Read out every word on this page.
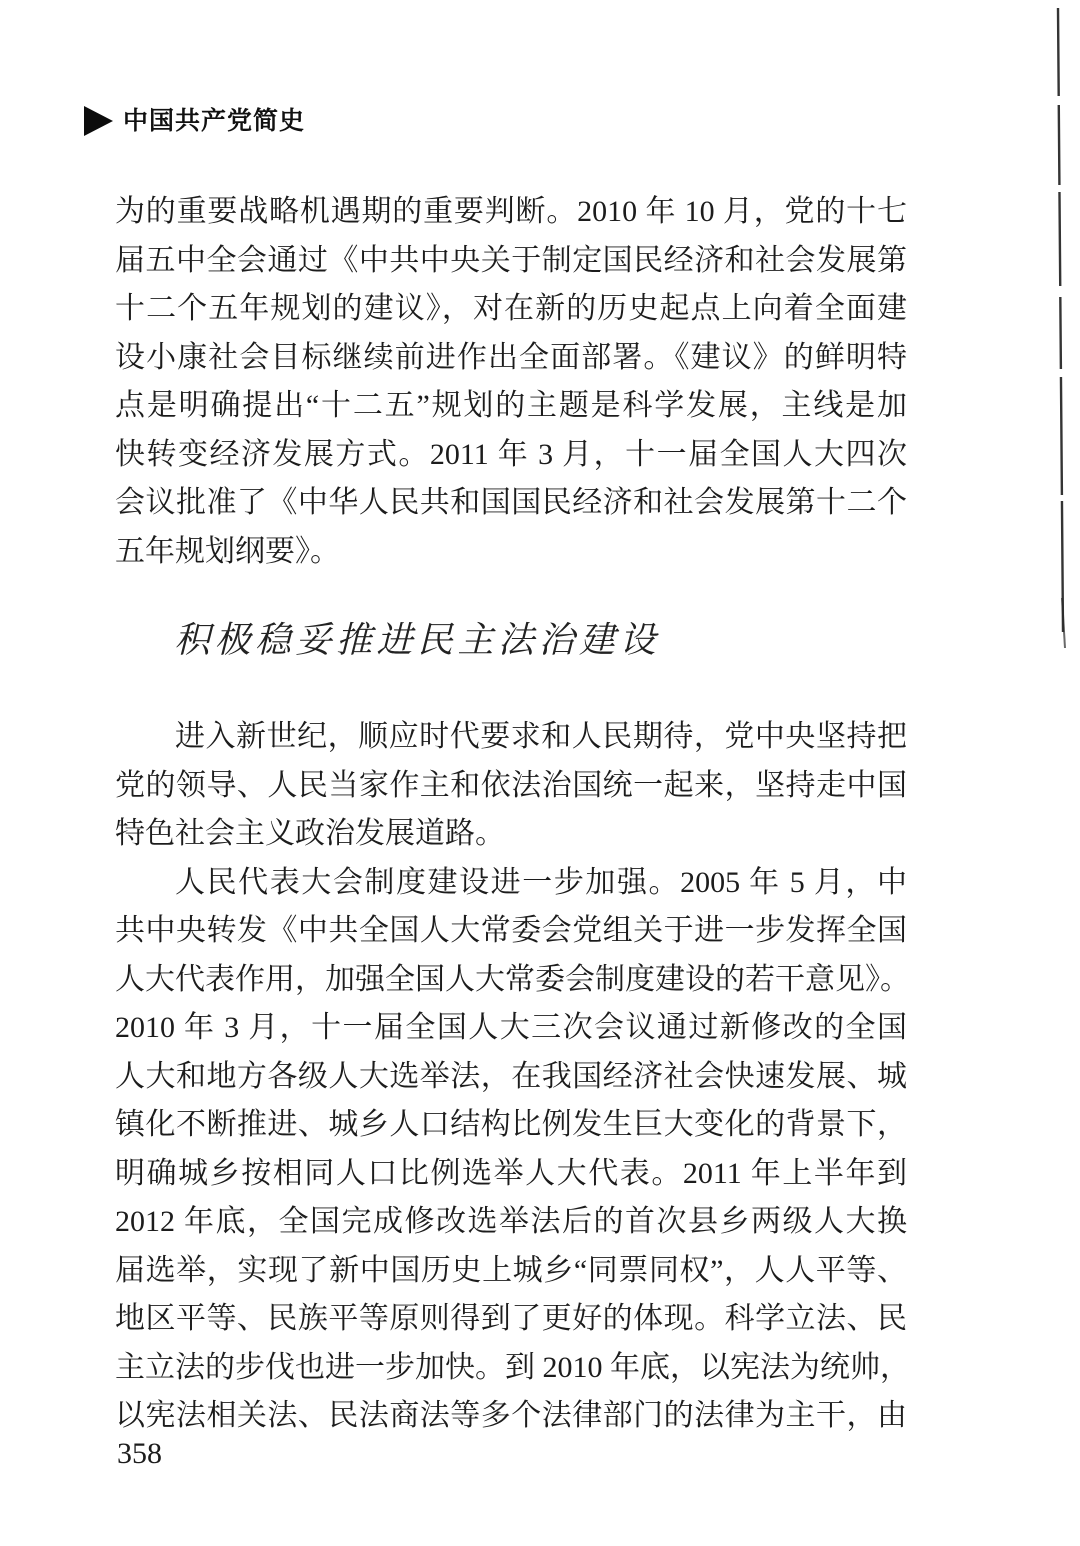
中国共产党简史
为的重要战略机遇期的重要判断。2010 年 10 月，党的十七
届五中全会通过《中共中央关于制定国民经济和社会发展第
十二个五年规划的建议》，对在新的历史起点上向着全面建
设小康社会目标继续前进作出全面部署。《建议》的鲜明特
点是明确提出“十二五”规划的主题是科学发展，主线是加
快转变经济发展方式。2011 年 3 月，十一届全国人大四次
会议批准了《中华人民共和国国民经济和社会发展第十二个
五年规划纲要》。
积极稳妥推进民主法治建设
进入新世纪，顺应时代要求和人民期待，党中央坚持把
党的领导、人民当家作主和依法治国统一起来，坚持走中国
特色社会主义政治发展道路。
人民代表大会制度建设进一步加强。2005 年 5 月，中
共中央转发《中共全国人大常委会党组关于进一步发挥全国
人大代表作用，加强全国人大常委会制度建设的若干意见》。
2010 年 3 月，十一届全国人大三次会议通过新修改的全国
人大和地方各级人大选举法，在我国经济社会快速发展、城
镇化不断推进、城乡人口结构比例发生巨大变化的背景下，
明确城乡按相同人口比例选举人大代表。2011 年上半年到
2012 年底，全国完成修改选举法后的首次县乡两级人大换
届选举，实现了新中国历史上城乡“同票同权”，人人平等、
地区平等、民族平等原则得到了更好的体现。科学立法、民
主立法的步伐也进一步加快。到 2010 年底，以宪法为统帅，
以宪法相关法、民法商法等多个法律部门的法律为主干，由
358
